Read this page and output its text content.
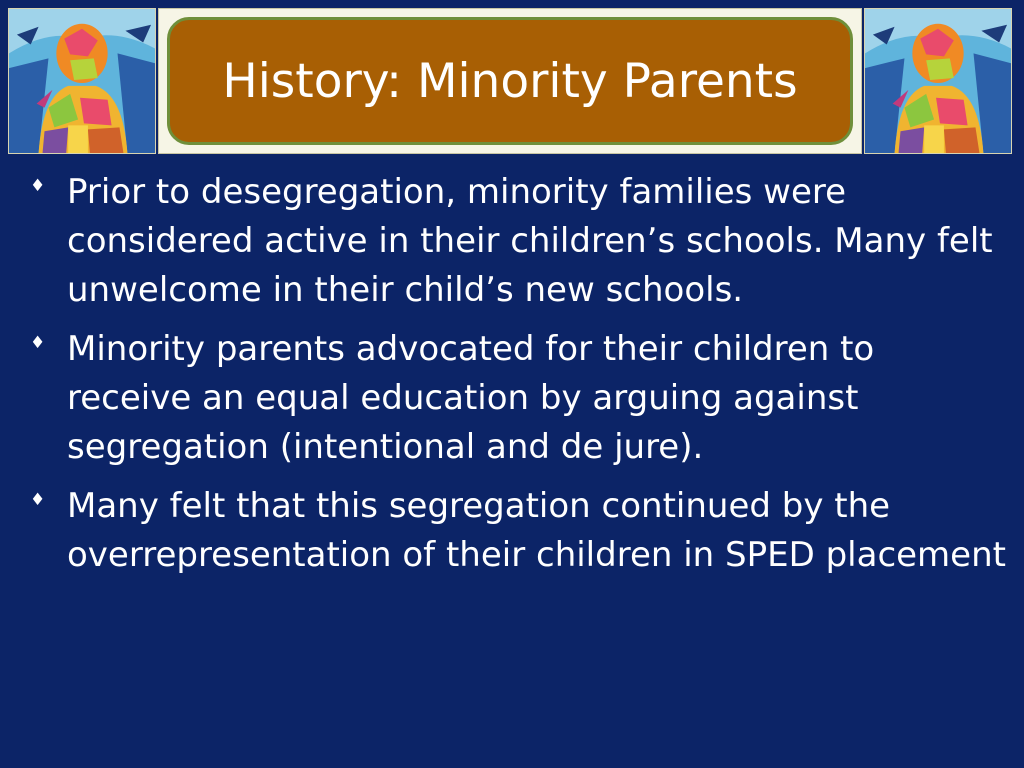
History: Minority Parents
♦ Prior to desegregation, minority families were considered active in their children’s schools. Many felt unwelcome in their child’s new schools.
♦ Minority parents advocated for their children to receive an equal education by arguing against segregation (intentional and de jure).
♦ Many felt that this segregation continued by the overrepresentation of their children in SPED placement
